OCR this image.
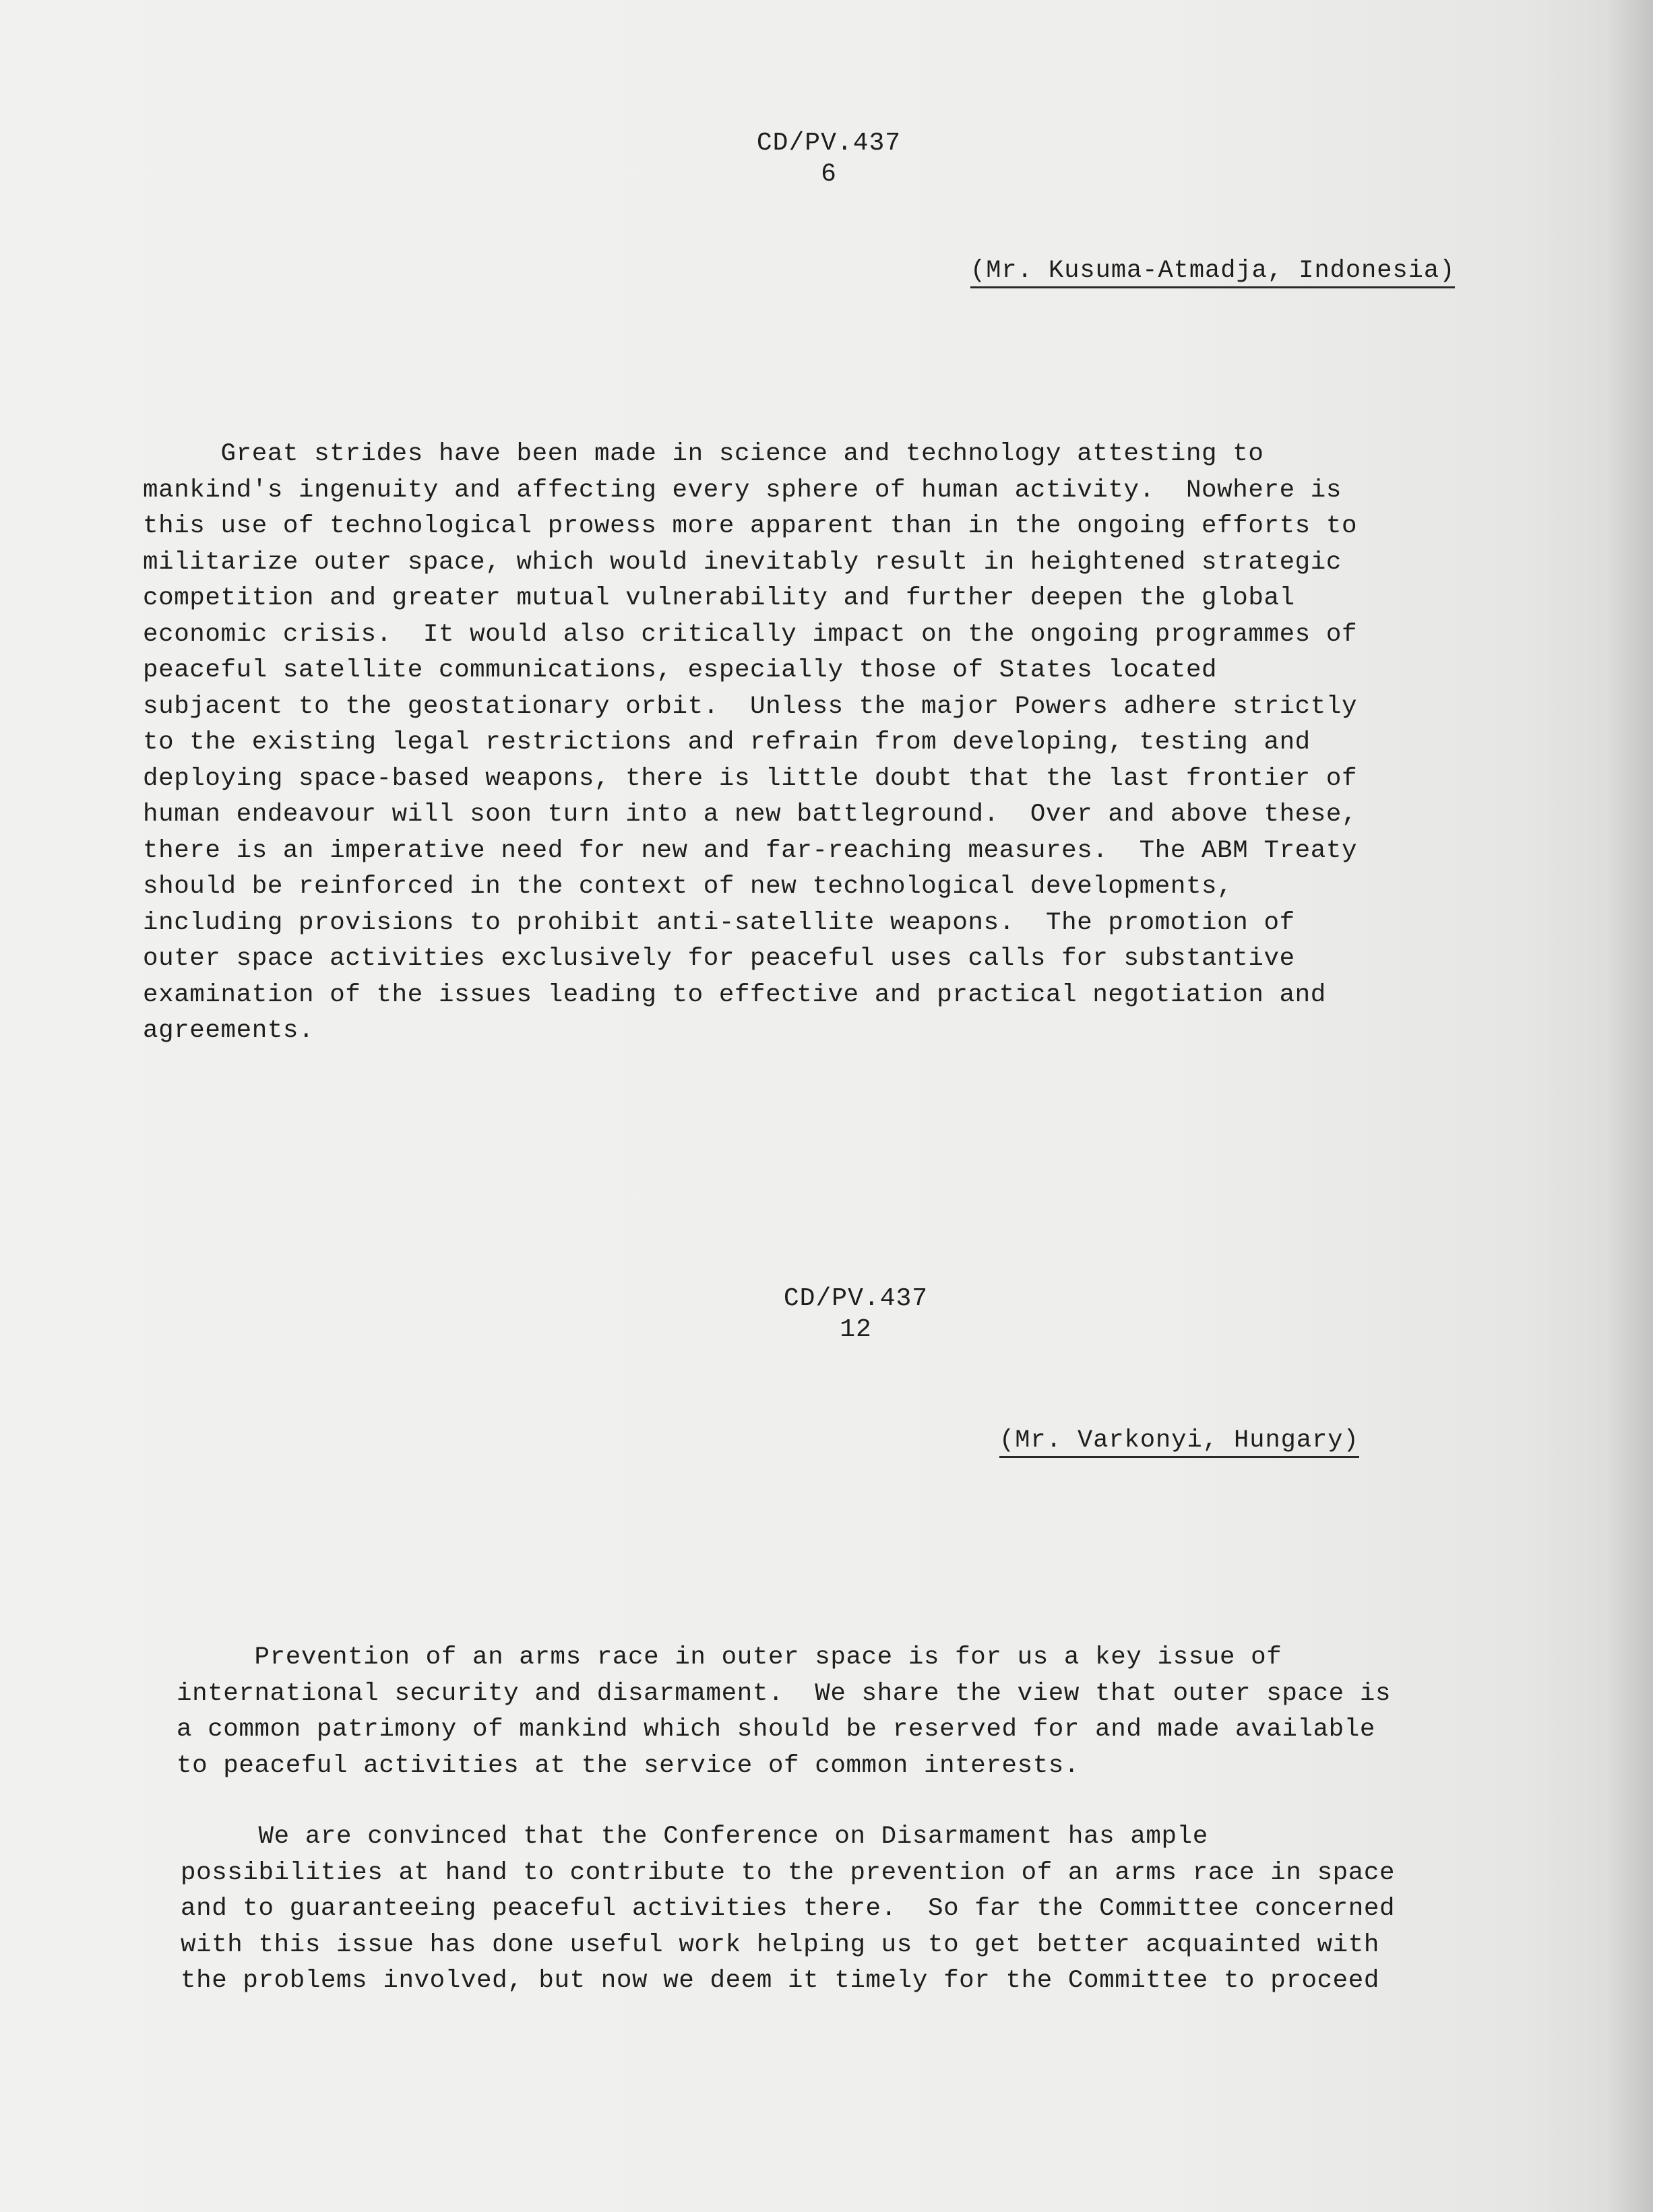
CD/PV.437
6
(Mr. Kusuma-Atmadja, Indonesia)
Great strides have been made in science and technology attesting to
mankind's ingenuity and affecting every sphere of human activity.  Nowhere is
this use of technological prowess more apparent than in the ongoing efforts to
militarize outer space, which would inevitably result in heightened strategic
competition and greater mutual vulnerability and further deepen the global
economic crisis.  It would also critically impact on the ongoing programmes of
peaceful satellite communications, especially those of States located
subjacent to the geostationary orbit.  Unless the major Powers adhere strictly
to the existing legal restrictions and refrain from developing, testing and
deploying space-based weapons, there is little doubt that the last frontier of
human endeavour will soon turn into a new battleground.  Over and above these,
there is an imperative need for new and far-reaching measures.  The ABM Treaty
should be reinforced in the context of new technological developments,
including provisions to prohibit anti-satellite weapons.  The promotion of
outer space activities exclusively for peaceful uses calls for substantive
examination of the issues leading to effective and practical negotiation and
agreements.
CD/PV.437
12
(Mr. Varkonyi, Hungary)
Prevention of an arms race in outer space is for us a key issue of
international security and disarmament.  We share the view that outer space is
a common patrimony of mankind which should be reserved for and made available
to peaceful activities at the service of common interests.
We are convinced that the Conference on Disarmament has ample
possibilities at hand to contribute to the prevention of an arms race in space
and to guaranteeing peaceful activities there.  So far the Committee concerned
with this issue has done useful work helping us to get better acquainted with
the problems involved, but now we deem it timely for the Committee to proceed
